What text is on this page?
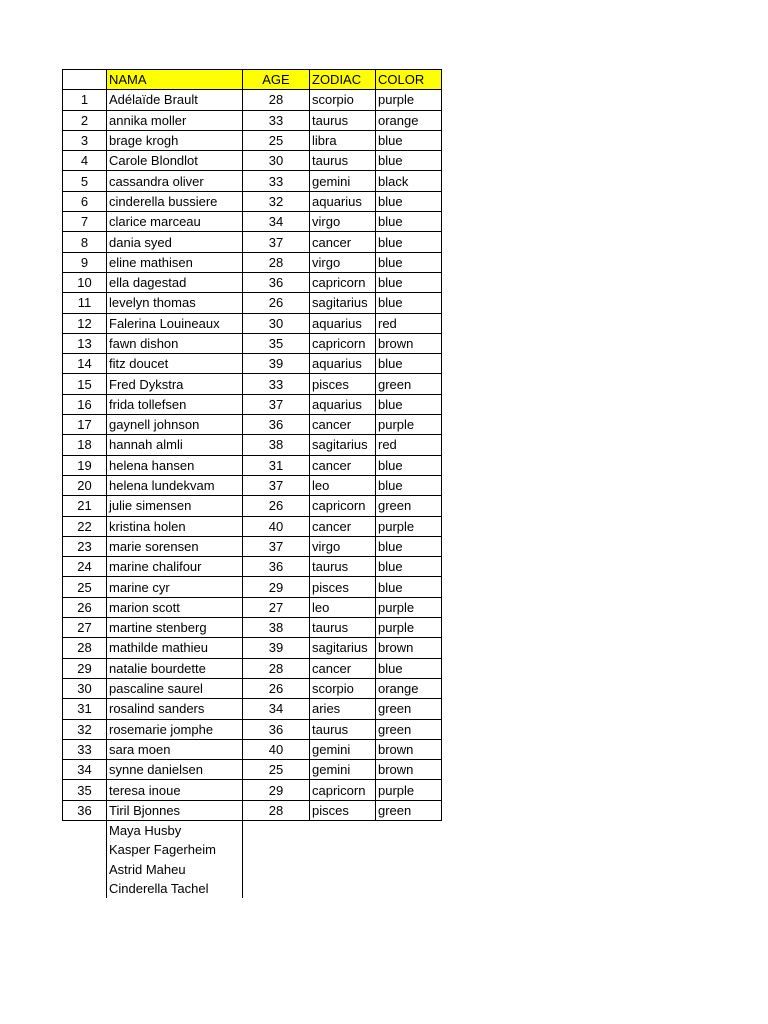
	NAMA	AGE	ZODIAC	COLOR
1	Adélaïde Brault	28	scorpio	purple
2	annika moller	33	taurus	orange
3	brage krogh	25	libra	blue
4	Carole Blondlot	30	taurus	blue
5	cassandra oliver	33	gemini	black
6	cinderella bussiere	32	aquarius	blue
7	clarice marceau	34	virgo	blue
8	dania syed	37	cancer	blue
9	eline mathisen	28	virgo	blue
10	ella dagestad	36	capricorn	blue
11	levelyn thomas	26	sagitarius	blue
12	Falerina Louineaux	30	aquarius	red
13	fawn dishon	35	capricorn	brown
14	fitz doucet	39	aquarius	blue
15	Fred Dykstra	33	pisces	green
16	frida tollefsen	37	aquarius	blue
17	gaynell johnson	36	cancer	purple
18	hannah almli	38	sagitarius	red
19	helena hansen	31	cancer	blue
20	helena lundekvam	37	leo	blue
21	julie simensen	26	capricorn	green
22	kristina holen	40	cancer	purple
23	marie sorensen	37	virgo	blue
24	marine chalifour	36	taurus	blue
25	marine cyr	29	pisces	blue
26	marion scott	27	leo	purple
27	martine stenberg	38	taurus	purple
28	mathilde mathieu	39	sagitarius	brown
29	natalie bourdette	28	cancer	blue
30	pascaline saurel	26	scorpio	orange
31	rosalind sanders	34	aries	green
32	rosemarie jomphe	36	taurus	green
33	sara moen	40	gemini	brown
34	synne danielsen	25	gemini	brown
35	teresa inoue	29	capricorn	purple
36	Tiril Bjonnes	28	pisces	green
	Maya Husby			
	Kasper Fagerheim			
	Astrid Maheu			
	Cinderella Tachel			
